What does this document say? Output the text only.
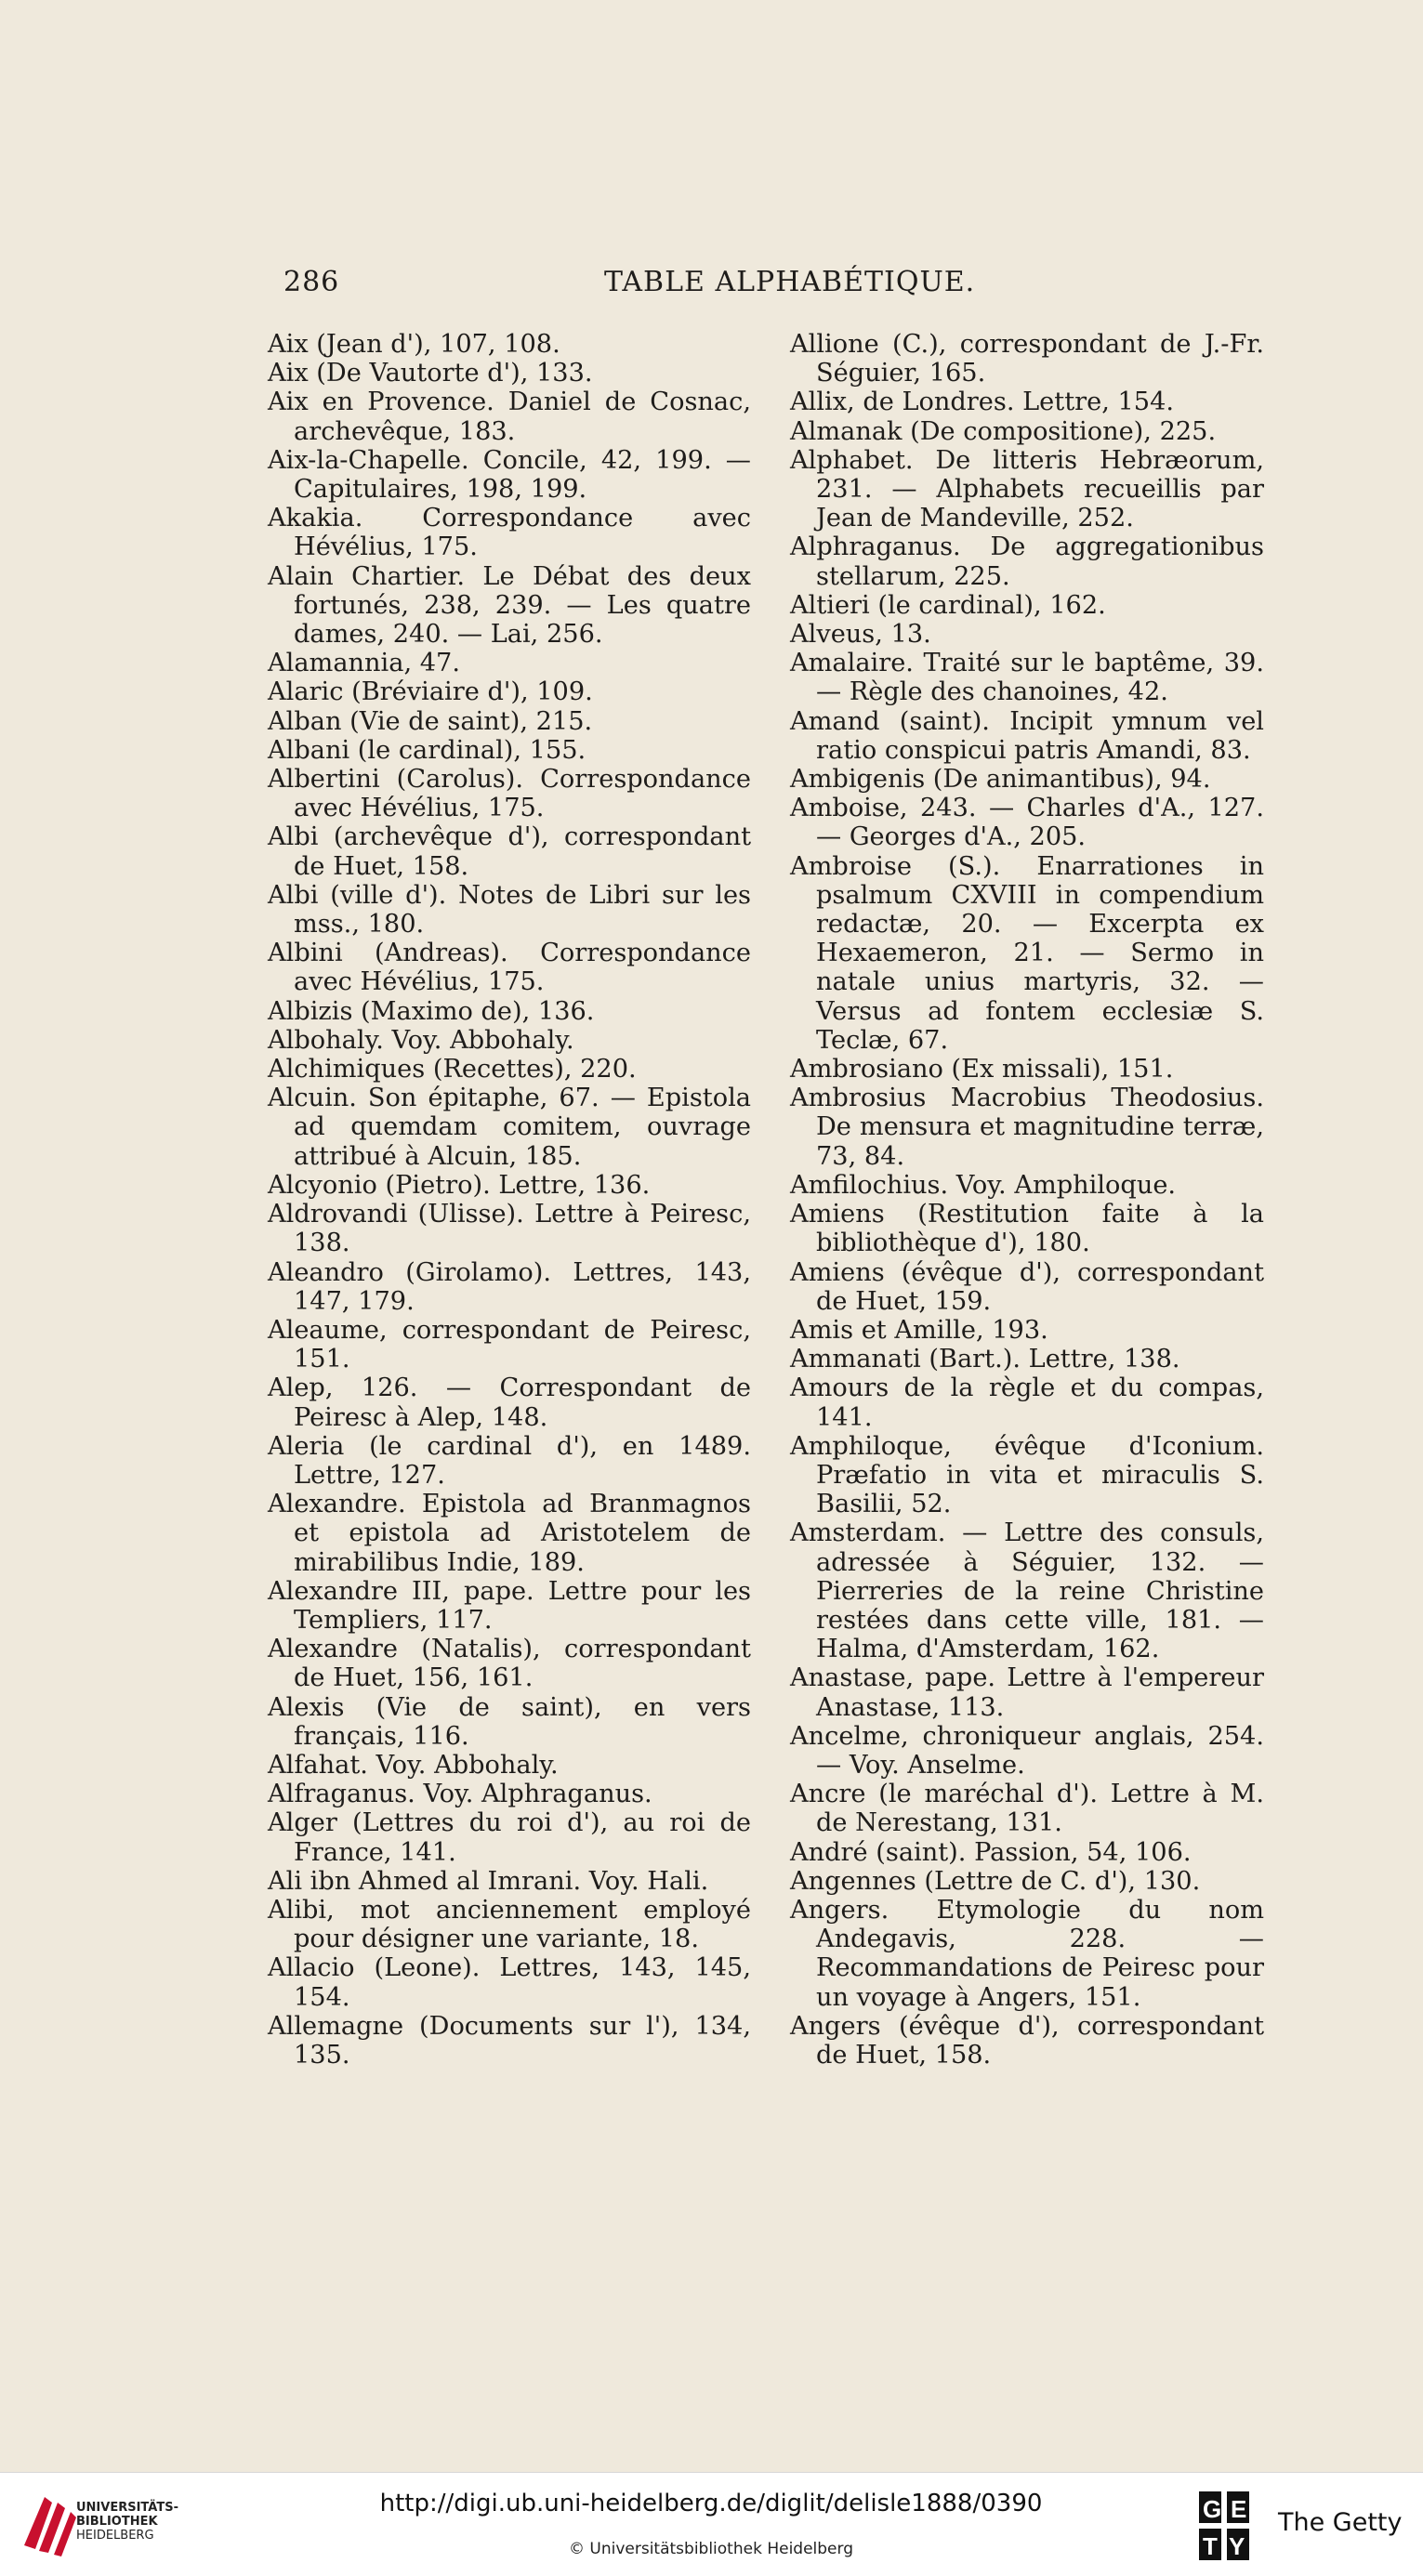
286	TABLE ALPHABÉTIQUE.

Aix (Jean d'), 107, 108.

Aix (De Vautorte d'), 133.

Aix en Provence. Daniel de Cosnac, archevêque, 183.

Aix-la-Chapelle. Concile, 42, 199. — Capitulaires, 198, 199.

Akakia. Correspondance avec Hévélius, 175.

Alain Chartier. Le Débat des deux fortunés, 238, 239. — Les quatre dames, 240. — Lai, 256.

Alamannia, 47.

Alaric (Bréviaire d'), 109.

Alban (Vie de saint), 215.

Albani (le cardinal), 155.

Albertini (Carolus). Correspondance avec Hévélius, 175.

Albi (archevêque d'), correspondant de Huet, 158.

Albi (ville d'). Notes de Libri sur les mss., 180.

Albini (Andreas). Correspondance avec Hévélius, 175.

Albizis (Maximo de), 136.

Albohaly. Voy. Abbohaly.

Alchimiques (Recettes), 220.

Alcuin. Son épitaphe, 67. — Epistola ad quemdam comitem, ouvrage attribué à Alcuin, 185.

Alcyonio (Pietro). Lettre, 136.

Aldrovandi (Ulisse). Lettre à Peiresc, 138.

Aleandro (Girolamo). Lettres, 143, 147, 179.

Aleaume, correspondant de Peiresc, 151.

Alep, 126. — Correspondant de Peiresc à Alep, 148.

Aleria (le cardinal d'), en 1489. Lettre, 127.

Alexandre. Epistola ad Branmagnos et epistola ad Aristotelem de mirabilibus Indie, 189.

Alexandre III, pape. Lettre pour les Templiers, 117.

Alexandre (Natalis), correspondant de Huet, 156, 161.

Alexis (Vie de saint), en vers français, 116.

Alfahat. Voy. Abbohaly.

Alfraganus. Voy. Alphraganus.

Alger (Lettres du roi d'), au roi de France, 141.

Ali ibn Ahmed al Imrani. Voy. Hali.

Alibi, mot anciennement employé pour désigner une variante, 18.

Allacio (Leone). Lettres, 143, 145, 154.

Allemagne (Documents sur l'), 134, 135.

Allione (C.), correspondant de J.-Fr. Séguier, 165.

Allix, de Londres. Lettre, 154.

Almanak (De compositione), 225.

Alphabet. De litteris Hebræorum, 231. — Alphabets recueillis par Jean de Mandeville, 252.

Alphraganus. De aggregationibus stellarum, 225.

Altieri (le cardinal), 162.

Alveus, 13.

Amalaire. Traité sur le baptême, 39. — Règle des chanoines, 42.

Amand (saint). Incipit ymnum vel ratio conspicui patris Amandi, 83.

Ambigenis (De animantibus), 94.

Amboise, 243. — Charles d'A., 127. — Georges d'A., 205.

Ambroise (S.). Enarrationes in psalmum CXVIII in compendium redactæ, 20. — Excerpta ex Hexaemeron, 21. — Sermo in natale unius martyris, 32. — Versus ad fontem ecclesiæ S. Teclæ, 67.

Ambrosiano (Ex missali), 151.

Ambrosius Macrobius Theodosius. De mensura et magnitudine terræ, 73, 84.

Amfilochius. Voy. Amphiloque.

Amiens (Restitution faite à la bibliothèque d'), 180.

Amiens (évêque d'), correspondant de Huet, 159.

Amis et Amille, 193.

Ammanati (Bart.). Lettre, 138.

Amours de la règle et du compas, 141.

Amphiloque, évêque d'Iconium. Præfatio in vita et miraculis S. Basilii, 52.

Amsterdam. — Lettre des consuls, adressée à Séguier, 132. — Pierreries de la reine Christine restées dans cette ville, 181. — Halma, d'Amsterdam, 162.

Anastase, pape. Lettre à l'empereur Anastase, 113.

Ancelme, chroniqueur anglais, 254. — Voy. Anselme.

Ancre (le maréchal d'). Lettre à M. de Nerestang, 131.

André (saint). Passion, 54, 106.

Angennes (Lettre de C. d'), 130.

Angers. Etymologie du nom Andegavis, 228. — Recommandations de Peiresc pour un voyage à Angers, 151.

Angers (évêque d'), correspondant de Huet, 158.

UNIVERSITÄTS-
BIBLIOTHEK
HEIDELBERG
http://digi.ub.uni-heidelberg.de/diglit/delisle1888/0390
© Universitätsbibliothek Heidelberg
G E
T Y
The Getty
